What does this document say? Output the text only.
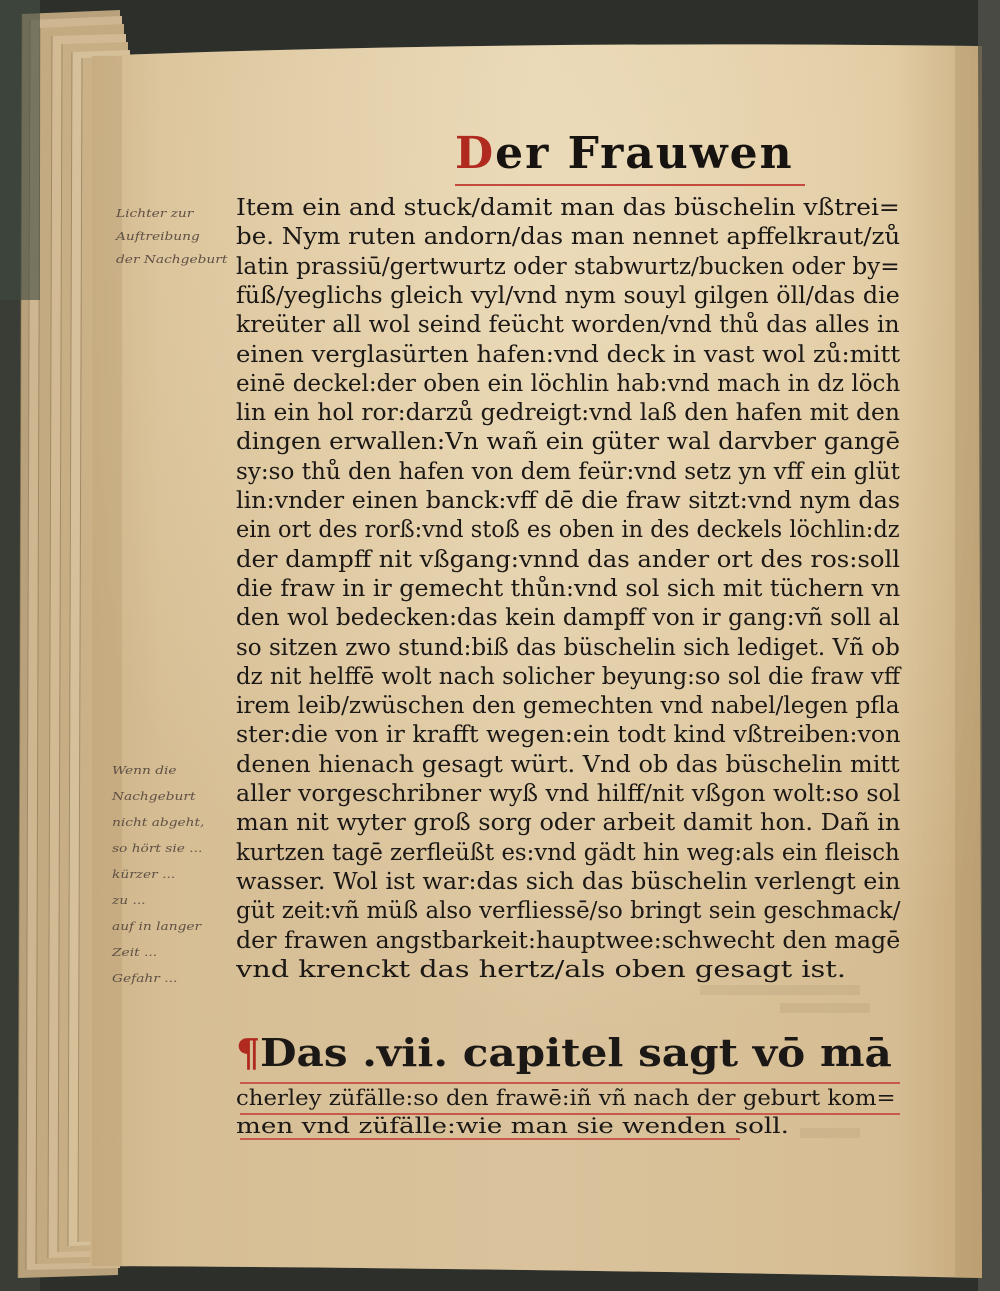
Der Frauwen
Item ein and stuck/damit man das büschelin vßtrei=
be. Nym ruten andorn/das man nennet apffelkraut/zů
latin prassiū/gertwurtz oder stabwurtz/bucken oder by=
füß/yeglichs gleich vyl/vnd nym souyl gilgen öll/das die
kreüter all wol seind feücht worden/vnd thů das alles in
einen verglasürten hafen:vnd deck in vast wol zů:mitt
einē deckel:der oben ein löchlin hab:vnd mach in dz löch
lin ein hol ror:darzů gedreigt:vnd laß den hafen mit den
dingen erwallen:Vn wañ ein güter wal darvber gangē
sy:so thů den hafen von dem feür:vnd setz yn vff ein glüt
lin:vnder einen banck:vff dē die fraw sitzt:vnd nym das
ein ort des rorß:vnd stoß es oben in des deckels löchlin:dz
der dampff nit vßgang:vnnd das ander ort des ros:soll
die fraw in ir gemecht thůn:vnd sol sich mit tüchern vn
den wol bedecken:das kein dampff von ir gang:vñ soll al
so sitzen zwo stund:biß das büschelin sich lediget. Vñ ob
dz nit helffē wolt nach solicher beyung:so sol die fraw vff
irem leib/zwüschen den gemechten vnd nabel/legen pfla
ster:die von ir krafft wegen:ein todt kind vßtreiben:von
denen hienach gesagt würt. Vnd ob das büschelin mitt
aller vorgeschribner wyß vnd hilff/nit vßgon wolt:so sol
man nit wyter groß sorg oder arbeit damit hon. Dañ in
kurtzen tagē zerfleüßt es:vnd gädt hin weg:als ein fleisch
wasser. Wol ist war:das sich das büschelin verlengt ein
güt zeit:vñ müß also verfliessē/so bringt sein geschmack/
der frawen angstbarkeit:hauptwee:schwecht den magē
vnd krenckt das hertz/als oben gesagt ist.
¶ Das .vii. capitel sagt vō mā
cherley züfälle:so den frawē:iñ vñ nach der geburt kom=
men vnd züfälle:wie man sie wenden soll.
Lichter zur
Auftreibung
der Nachgeburt
Wenn die
Nachgeburt
nicht abgeht,
so hört sie ...
kürzer ...
zu ...
auf in langer
Zeit ...
Gefahr ...
